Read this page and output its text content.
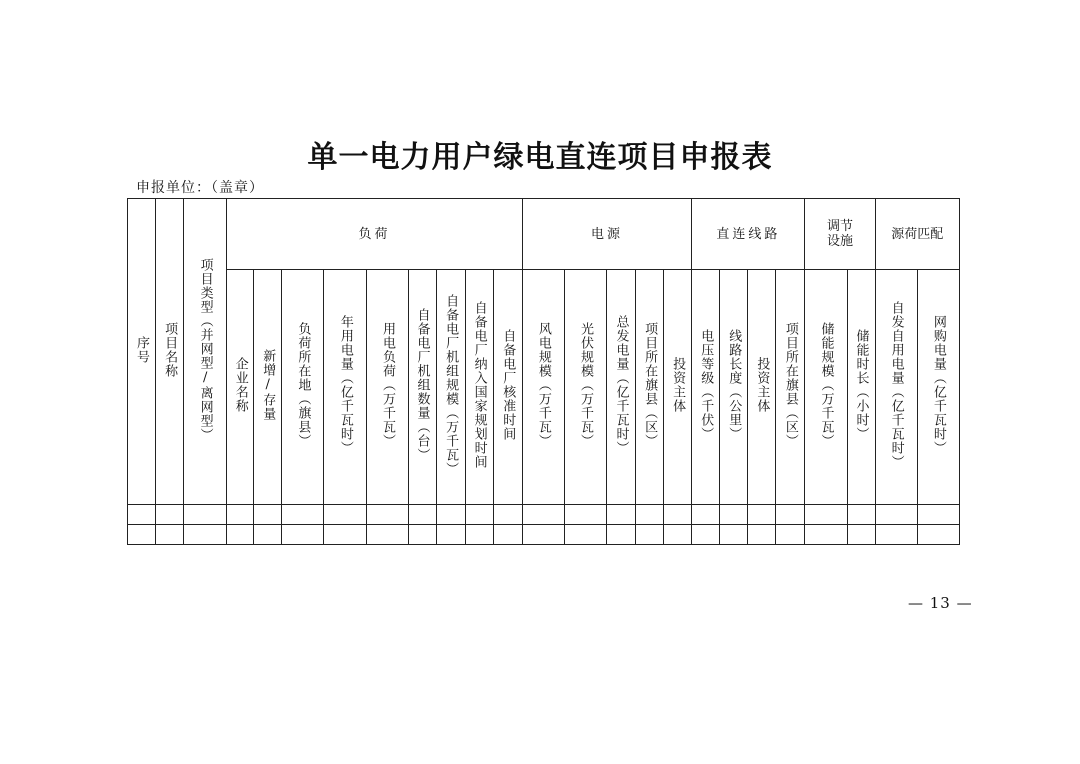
单一电力用户绿电直连项目申报表
申报单位：（盖章）
序号	项目名称	项目类型（并网型/离网型）	负荷									电源					直连线路				调节设施		源荷匹配	
			企业名称	新增/存量	负荷所在地（旗县）	年用电量（亿千瓦时）	用电负荷（万千瓦）	自备电厂机组数量（台）	自备电厂机组规模（万千瓦）	自备电厂纳入国家规划时间	自备电厂核准时间	风电规模（万千瓦）	光伏规模（万千瓦）	总发电量（亿千瓦时）	项目所在旗县（区）	投资主体	电压等级（千伏）	线路长度（公里）	投资主体	项目所在旗县（区）	储能规模（万千瓦）	储能时长（小时）	自发自用电量（亿千瓦时）	网购电量（亿千瓦时）

— 13 —
